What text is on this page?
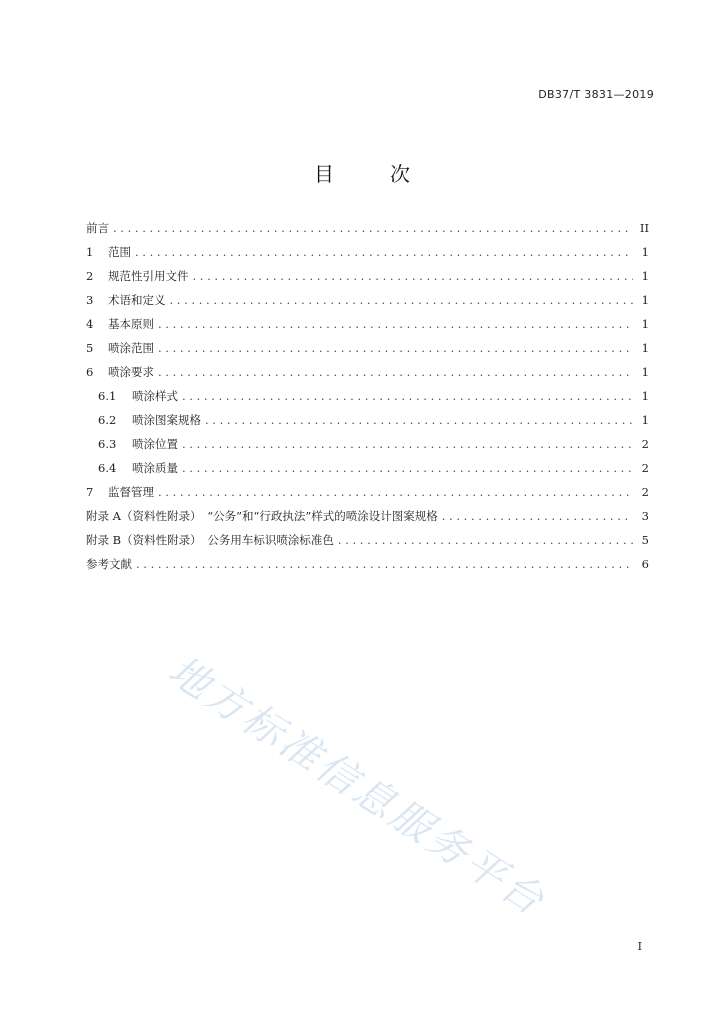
DB37/T 3831—2019
目　次
前言 . . .	II
1	范围 . . .	1
2	规范性引用文件 . . .	1
3	术语和定义 . . .	1
4	基本原则 . . .	1
5	喷涂范围 . . .	1
6	喷涂要求 . . .	1
6.1	喷涂样式 . . .	1
6.2	喷涂图案规格 . . .	1
6.3	喷涂位置 . . .	2
6.4	喷涂质量 . . .	2
7	监督管理 . . .	2
附录 A（资料性附录）　“公务”和“行政执法”样式的喷涂设计图案规格 . . .	3
附录 B（资料性附录）　公务用车标识喷涂标准色 . . .	5
参考文献 . . .	6
地方标准信息服务平台
I
